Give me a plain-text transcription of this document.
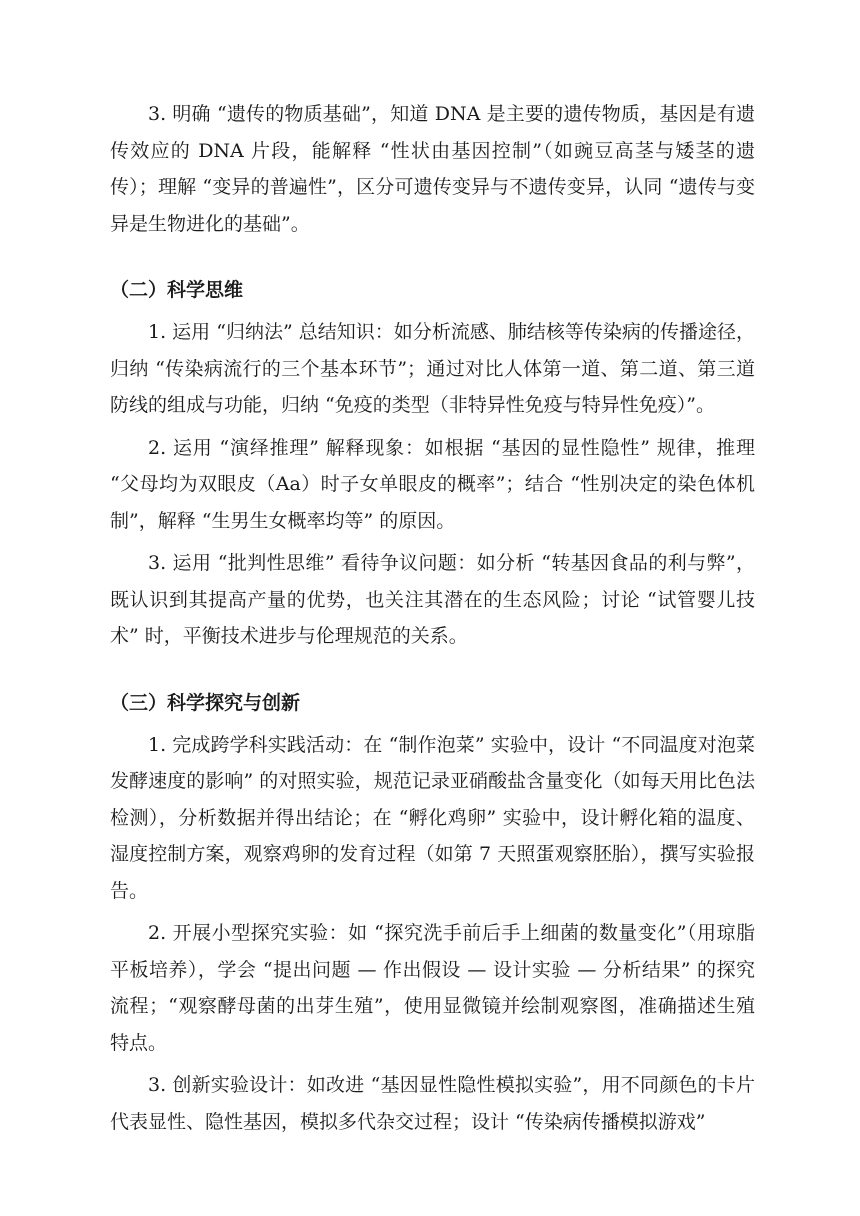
3. 明确 “遗传的物质基础”，知道 DNA 是主要的遗传物质，基因是有遗传效应的 DNA 片段，能解释 “性状由基因控制”（如豌豆高茎与矮茎的遗传）；理解 “变异的普遍性”，区分可遗传变异与不遗传变异，认同 “遗传与变异是生物进化的基础”。

（二）科学思维

1. 运用 “归纳法” 总结知识：如分析流感、肺结核等传染病的传播途径，归纳 “传染病流行的三个基本环节”；通过对比人体第一道、第二道、第三道防线的组成与功能，归纳 “免疫的类型（非特异性免疫与特异性免疫）”。

2. 运用 “演绎推理” 解释现象：如根据 “基因的显性隐性” 规律，推理 “父母均为双眼皮（Aa）时子女单眼皮的概率”；结合 “性别决定的染色体机制”，解释 “生男生女概率均等” 的原因。

3. 运用 “批判性思维” 看待争议问题：如分析 “转基因食品的利与弊”，既认识到其提高产量的优势，也关注其潜在的生态风险；讨论 “试管婴儿技术” 时，平衡技术进步与伦理规范的关系。

（三）科学探究与创新

1. 完成跨学科实践活动：在 “制作泡菜” 实验中，设计 “不同温度对泡菜发酵速度的影响” 的对照实验，规范记录亚硝酸盐含量变化（如每天用比色法检测），分析数据并得出结论；在 “孵化鸡卵” 实验中，设计孵化箱的温度、湿度控制方案，观察鸡卵的发育过程（如第 7 天照蛋观察胚胎），撰写实验报告。

2. 开展小型探究实验：如 “探究洗手前后手上细菌的数量变化”（用琼脂平板培养），学会 “提出问题 — 作出假设 — 设计实验 — 分析结果” 的探究流程；“观察酵母菌的出芽生殖”，使用显微镜并绘制观察图，准确描述生殖特点。

3. 创新实验设计：如改进 “基因显性隐性模拟实验”，用不同颜色的卡片代表显性、隐性基因，模拟多代杂交过程；设计 “传染病传播模拟游戏”
